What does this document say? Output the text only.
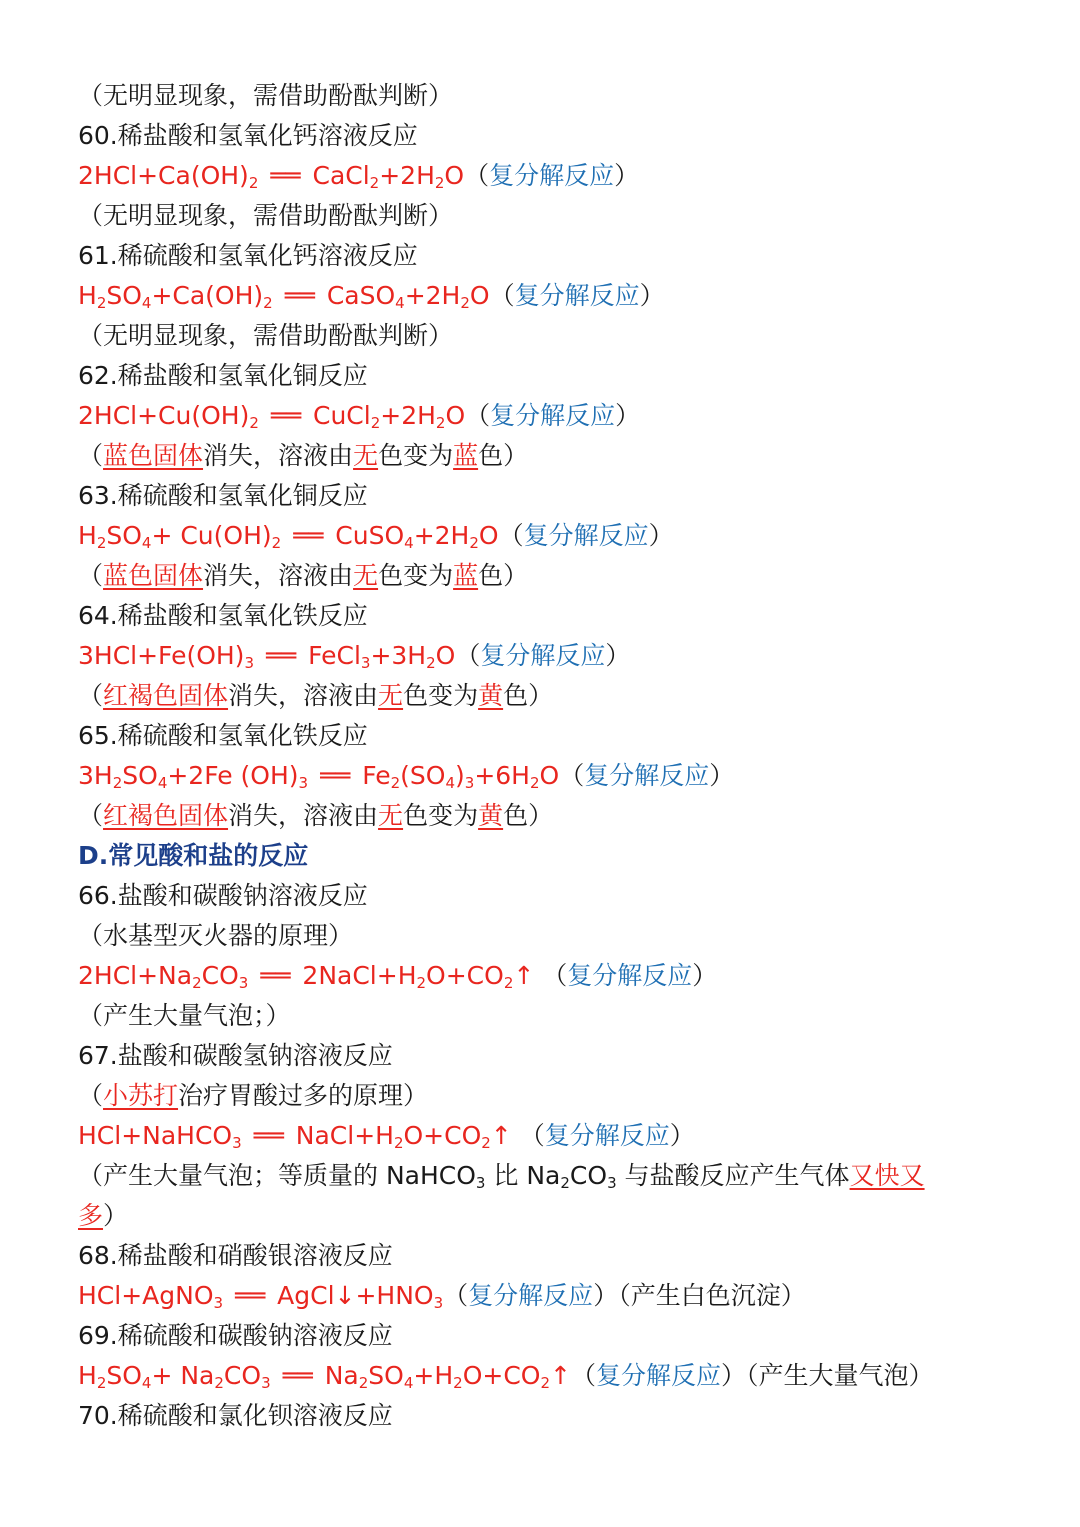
（无明显现象，需借助酚酞判断）
60.稀盐酸和氢氧化钙溶液反应
$2HCl+Ca(OH)_2$ ══ $CaCl_2+2H_2O$（复分解反应）
（无明显现象，需借助酚酞判断）
61.稀硫酸和氢氧化钙溶液反应
$H_2SO_4+Ca(OH)_2$ ══ $CaSO_4+2H_2O$（复分解反应）
（无明显现象，需借助酚酞判断）
62.稀盐酸和氢氧化铜反应
$2HCl+Cu(OH)_2$ ══ $CuCl_2+2H_2O$（复分解反应）
（蓝色固体消失，溶液由无色变为蓝色）
63.稀硫酸和氢氧化铜反应
$H_2SO_4+ Cu(OH)_2$ ══ $CuSO_4+2H_2O$（复分解反应）
（蓝色固体消失，溶液由无色变为蓝色）
64.稀盐酸和氢氧化铁反应
$3HCl+Fe(OH)_3$ ══ $FeCl_3+3H_2O$（复分解反应）
（红褐色固体消失，溶液由无色变为黄色）
65.稀硫酸和氢氧化铁反应
$3H_2SO_4+2Fe$ $(OH)_3$ ══ $Fe_2(SO_4)_3+6H_2O$（复分解反应）
（红褐色固体消失，溶液由无色变为黄色）
D.常见酸和盐的反应
66.盐酸和碳酸钠溶液反应
（水基型灭火器的原理）
$2HCl+Na_2CO_3$ ══ $2NaCl+H_2O+CO_2↑$ （复分解反应）
（产生大量气泡；）
67.盐酸和碳酸氢钠溶液反应
（小苏打治疗胃酸过多的原理）
HCl+NaHCO$_3$ ══ $NaCl+H_2O+CO_2↑$ （复分解反应）
（产生大量气泡；等质量的 NaHCO$_3$ 比 $Na_2CO_3$ 与盐酸反应产生气体又快又
多）
68.稀盐酸和硝酸银溶液反应
HCl+AgNO$_3$ ══ $AgCl↓+HNO_3$（复分解反应）（产生白色沉淀）
69.稀硫酸和碳酸钠溶液反应
$H_2SO_4+ Na_2CO_3$ ══ $Na_2SO_4+H_2O+CO_2↑$（复分解反应）（产生大量气泡）
70.稀硫酸和氯化钡溶液反应
